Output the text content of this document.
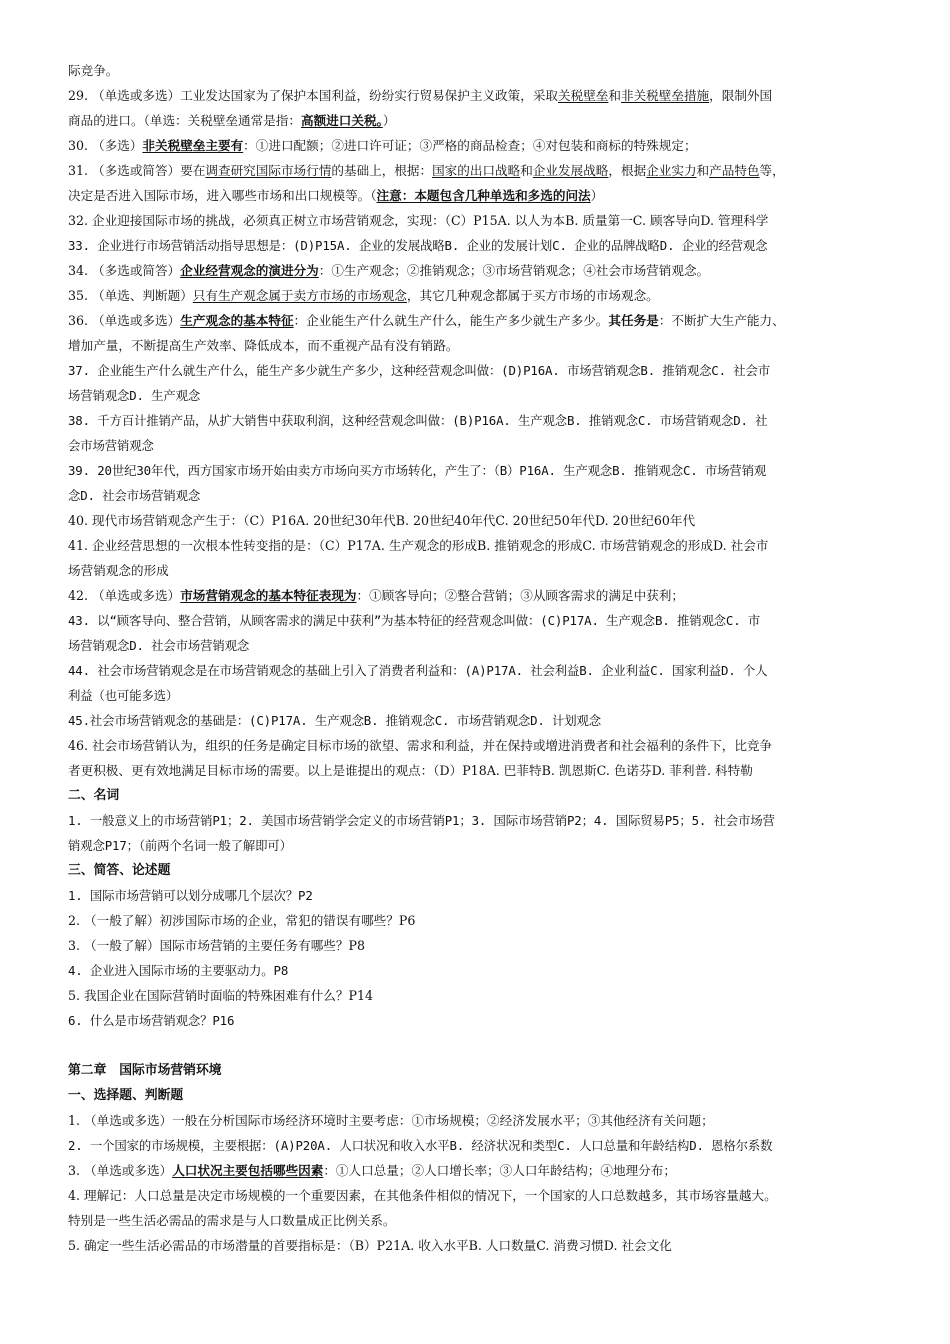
际竞争。

29. （单选或多选）工业发达国家为了保护本国利益，纷纷实行贸易保护主义政策，采取关税壁垒和非关税壁垒措施，限制外国

商品的进口。（单选：关税壁垒通常是指：高额进口关税。）

30. （多选）非关税壁垒主要有：①进口配额；②进口许可证；③严格的商品检查；④对包装和商标的特殊规定；

31. （多选或简答）要在调查研究国际市场行情的基础上，根据：国家的出口战略和企业发展战略，根据企业实力和产品特色等，

决定是否进入国际市场，进入哪些市场和出口规模等。（注意：本题包含几种单选和多选的问法）

32. 企业迎接国际市场的挑战，必须真正树立市场营销观念，实现：（C）P15A. 以人为本B. 质量第一C. 顾客导向D. 管理科学

33. 企业进行市场营销活动指导思想是：(D)P15A. 企业的发展战略B. 企业的发展计划C. 企业的品牌战略D. 企业的经营观念

34. （多选或简答）企业经营观念的演进分为：①生产观念；②推销观念；③市场营销观念；④社会市场营销观念。

35. （单选、判断题）只有生产观念属于卖方市场的市场观念，其它几种观念都属于买方市场的市场观念。

36. （单选或多选）生产观念的基本特征：企业能生产什么就生产什么，能生产多少就生产多少。其任务是：不断扩大生产能力、

增加产量，不断提高生产效率、降低成本，而不重视产品有没有销路。

37. 企业能生产什么就生产什么，能生产多少就生产多少，这种经营观念叫做：(D)P16A. 市场营销观念B. 推销观念C. 社会市

场营销观念D. 生产观念

38. 千方百计推销产品，从扩大销售中获取利润，这种经营观念叫做：(B)P16A. 生产观念B. 推销观念C. 市场营销观念D. 社

会市场营销观念

39. 20世纪30年代，西方国家市场开始由卖方市场向买方市场转化，产生了：（B）P16A. 生产观念B. 推销观念C. 市场营销观

念D. 社会市场营销观念

40. 现代市场营销观念产生于：（C）P16A. 20世纪30年代B. 20世纪40年代C. 20世纪50年代D. 20世纪60年代

41. 企业经营思想的一次根本性转变指的是：（C）P17A. 生产观念的形成B. 推销观念的形成C. 市场营销观念的形成D. 社会市

场营销观念的形成

42. （单选或多选）市场营销观念的基本特征表现为：①顾客导向；②整合营销；③从顾客需求的满足中获利；

43. 以“顾客导向、整合营销，从顾客需求的满足中获利”为基本特征的经营观念叫做：(C)P17A. 生产观念B. 推销观念C. 市

场营销观念D. 社会市场营销观念

44. 社会市场营销观念是在市场营销观念的基础上引入了消费者利益和：(A)P17A. 社会利益B. 企业利益C. 国家利益D. 个人

利益（也可能多选）

45.社会市场营销观念的基础是：(C)P17A. 生产观念B. 推销观念C. 市场营销观念D. 计划观念

46. 社会市场营销认为，组织的任务是确定目标市场的欲望、需求和利益，并在保持或增进消费者和社会福利的条件下，比竞争

者更积极、更有效地满足目标市场的需要。以上是谁提出的观点：（D）P18A. 巴菲特B. 凯恩斯C. 色诺芬D. 菲利普. 科特勒

二、名词

1. 一般意义上的市场营销P1；2. 美国市场营销学会定义的市场营销P1；3. 国际市场营销P2；4. 国际贸易P5；5. 社会市场营

销观念P17；（前两个名词一般了解即可）

三、简答、论述题

1. 国际市场营销可以划分成哪几个层次？P2

2. （一般了解）初涉国际市场的企业，常犯的错误有哪些？P6

3. （一般了解）国际市场营销的主要任务有哪些？P8

4. 企业进入国际市场的主要驱动力。P8

5. 我国企业在国际营销时面临的特殊困难有什么？P14

6. 什么是市场营销观念？P16

第二章　国际市场营销环境

一、选择题、判断题

1. （单选或多选）一般在分析国际市场经济环境时主要考虑：①市场规模；②经济发展水平；③其他经济有关问题；

2. 一个国家的市场规模，主要根据：(A)P20A. 人口状况和收入水平B. 经济状况和类型C. 人口总量和年龄结构D. 恩格尔系数

3. （单选或多选）人口状况主要包括哪些因素：①人口总量；②人口增长率；③人口年龄结构；④地理分布；

4. 理解记：人口总量是决定市场规模的一个重要因素，在其他条件相似的情况下，一个国家的人口总数越多，其市场容量越大。

特别是一些生活必需品的需求是与人口数量成正比例关系。

5. 确定一些生活必需品的市场潜量的首要指标是：（B）P21A. 收入水平B. 人口数量C. 消费习惯D. 社会文化
